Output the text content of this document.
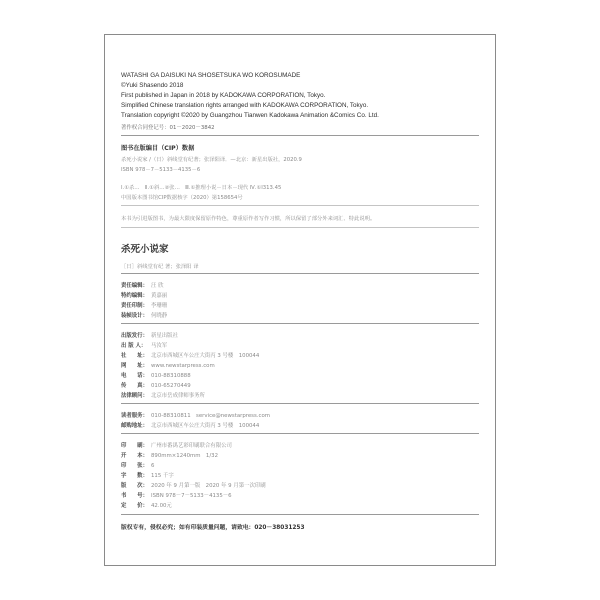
WATASHI GA DAISUKI NA SHOSETSUKA WO KOROSUMADE
©Yuki Shasendo 2018
First published in Japan in 2018 by KADOKAWA CORPORATION, Tokyo.
Simplified Chinese translation rights arranged with KADOKAWA CORPORATION, Tokyo.
Translation copyright ©2020 by Guangzhou Tianwen Kadokawa Animation &Comics Co. Ltd.
著作权合同登记号：01－2020－3842
图书在版编目（CIP）数据
杀死小说家 /（日）斜线堂有纪著；张泽阳译．—北京：新星出版社，2020.9
ISBN 978－7－5133－4135－6
Ⅰ.①杀…　Ⅱ.①斜…②张…　Ⅲ.①推理小说－日本－现代 Ⅳ.①I313.45
中国版本图书馆CIP数据核字（2020）第158654号
本书为引进版图书，为最大限度保留原作特色，尊重原作者写作习惯，所以保留了部分外来词汇、特此说明。
杀死小说家
［日］斜线堂有纪 著；张泽阳 译
责任编辑： 汪 欣
特约编辑： 黄嘉丽
责任印制： 李珊珊
装帧设计： 何晓静
出版发行： 新星出版社
出 版 人： 马汝军
社　　址： 北京市西城区车公庄大街丙 3 号楼　100044
网　　址： www.newstarpress.com
电　　话： 010-88310888
传　　真： 010-65270449
法律顾问： 北京市岳成律师事务所
读者服务： 010-88310811　service@newstarpress.com
邮购地址： 北京市西城区车公庄大街丙 3 号楼　100044
印　　刷： 广州市番禺艺彩印刷联合有限公司
开　　本： 890mm×1240mm　1/32
印　　张： 6
字　　数： 115 千字
版　　次： 2020 年 9 月第一版　2020 年 9 月第一次印刷
书　　号： ISBN 978－7－5133－4135－6
定　　价： 42.00元
版权专有，侵权必究；如有印装质量问题，请致电：020－38031253
